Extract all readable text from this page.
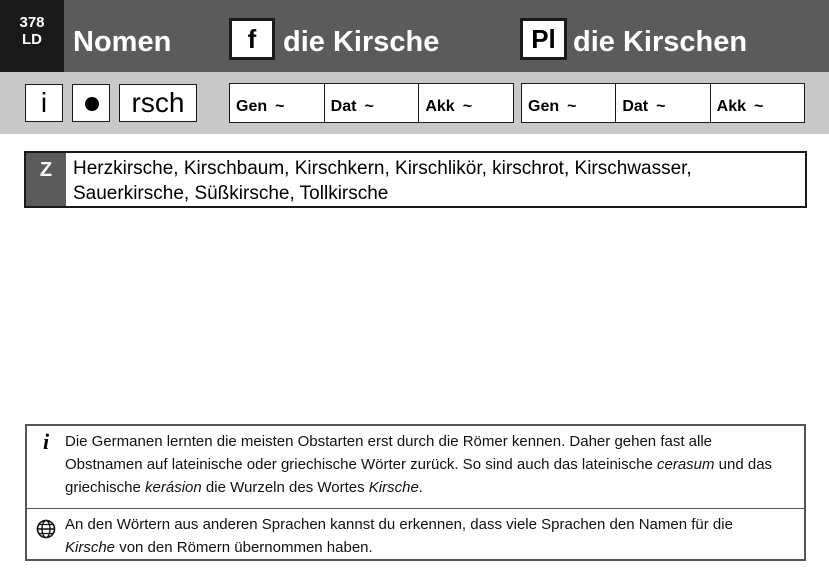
378
LD	Nomen	f die Kirsche	Pl die Kirschen
i	rsch	Gen ~	Dat ~	Akk ~	Gen ~	Dat ~	Akk ~
Z	Herzkirsche, Kirschbaum, Kirschkern, Kirschlikör, kirschrot, Kirschwasser,
Sauerkirsche, Süßkirsche, Tollkirsche
i	Die Germanen lernten die meisten Obstarten erst durch die Römer kennen. Daher gehen fast alle
Obstnamen auf lateinische oder griechische Wörter zurück. So sind auch das lateinische cerasum und das
griechische kerásion die Wurzeln des Wortes Kirsche.
An den Wörtern aus anderen Sprachen kannst du erkennen, dass viele Sprachen den Namen für die
Kirsche von den Römern übernommen haben.
